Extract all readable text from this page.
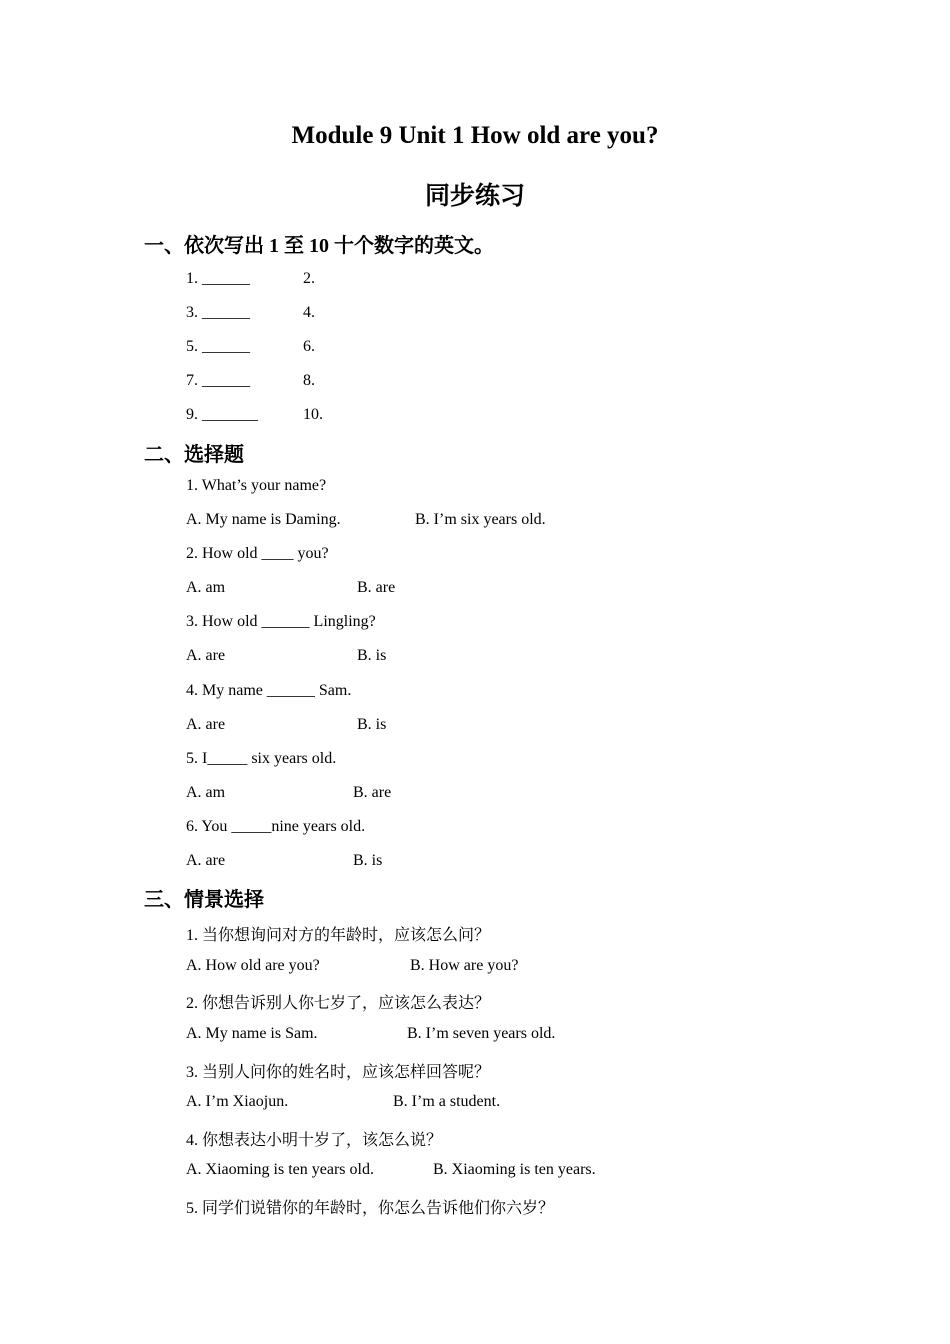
Module 9 Unit 1 How old are you?
同步练习
一、依次写出 1 至 10 十个数字的英文。
1. ______	2.
3. ______	4.
5. ______	6.
7. ______	8.
9. _______	10.
二、选择题
1. What’s your name?
A. My name is Daming.	B. I’m six years old.
2. How old ____ you?
A. am	B. are
3. How old ______ Lingling?
A. are	B. is
4. My name ______ Sam.
A. are	B. is
5. I_____ six years old.
A. am	B. are
6. You _____nine years old.
A. are	B. is
三、情景选择
1. 当你想询问对方的年龄时，应该怎么问？
A. How old are you?	B. How are you?
2. 你想告诉别人你七岁了，应该怎么表达？
A. My name is Sam.	B. I’m seven years old.
3. 当别人问你的姓名时，应该怎样回答呢？
A. I’m Xiaojun.	B. I’m a student.
4. 你想表达小明十岁了，该怎么说？
A. Xiaoming is ten years old.	B. Xiaoming is ten years.
5. 同学们说错你的年龄时，你怎么告诉他们你六岁？
